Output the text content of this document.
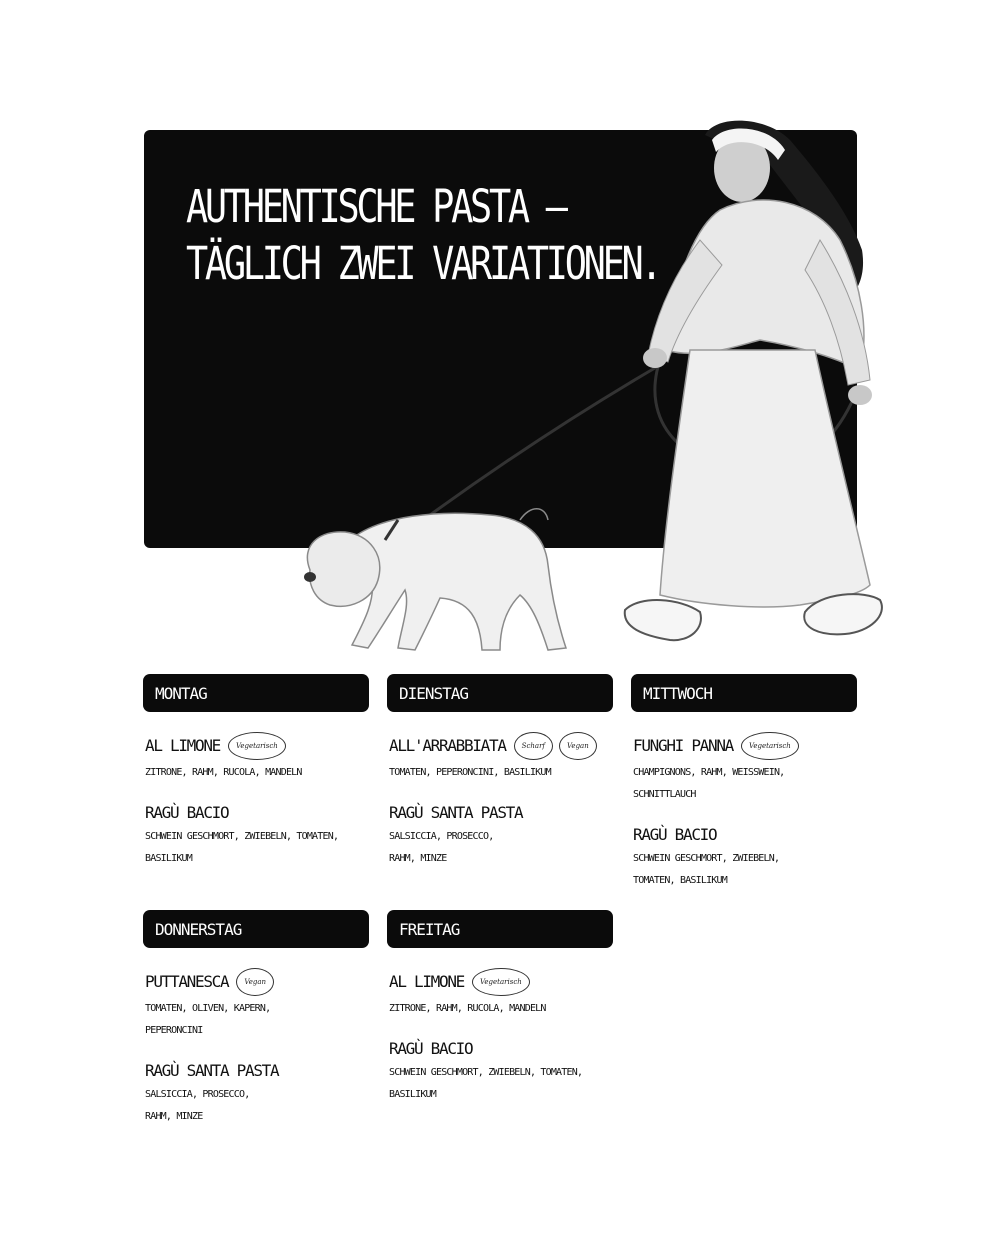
AUTHENTISCHE PASTA –
TÄGLICH ZWEI VARIATIONEN.
MONTAG
AL LIMONE	Vegetarisch
ZITRONE, RAHM, RUCOLA, MANDELN
RAGÙ BACIO
SCHWEIN GESCHMORT, ZWIEBELN, TOMATEN, BASILIKUM
DIENSTAG
ALL'ARRABBIATA	Scharf	Vegan
TOMATEN, PEPERONCINI, BASILIKUM
RAGÙ SANTA PASTA
SALSICCIA, PROSECCO, RAHM, MINZE
MITTWOCH
FUNGHI PANNA	Vegetarisch
CHAMPIGNONS, RAHM, WEISSWEIN, SCHNITTLAUCH
RAGÙ BACIO
SCHWEIN GESCHMORT, ZWIEBELN, TOMATEN, BASILIKUM
DONNERSTAG
PUTTANESCA	Vegan
TOMATEN, OLIVEN, KAPERN, PEPERONCINI
RAGÙ SANTA PASTA
SALSICCIA, PROSECCO, RAHM, MINZE
FREITAG
AL LIMONE	Vegetarisch
ZITRONE, RAHM, RUCOLA, MANDELN
RAGÙ BACIO
SCHWEIN GESCHMORT, ZWIEBELN, TOMATEN, BASILIKUM
